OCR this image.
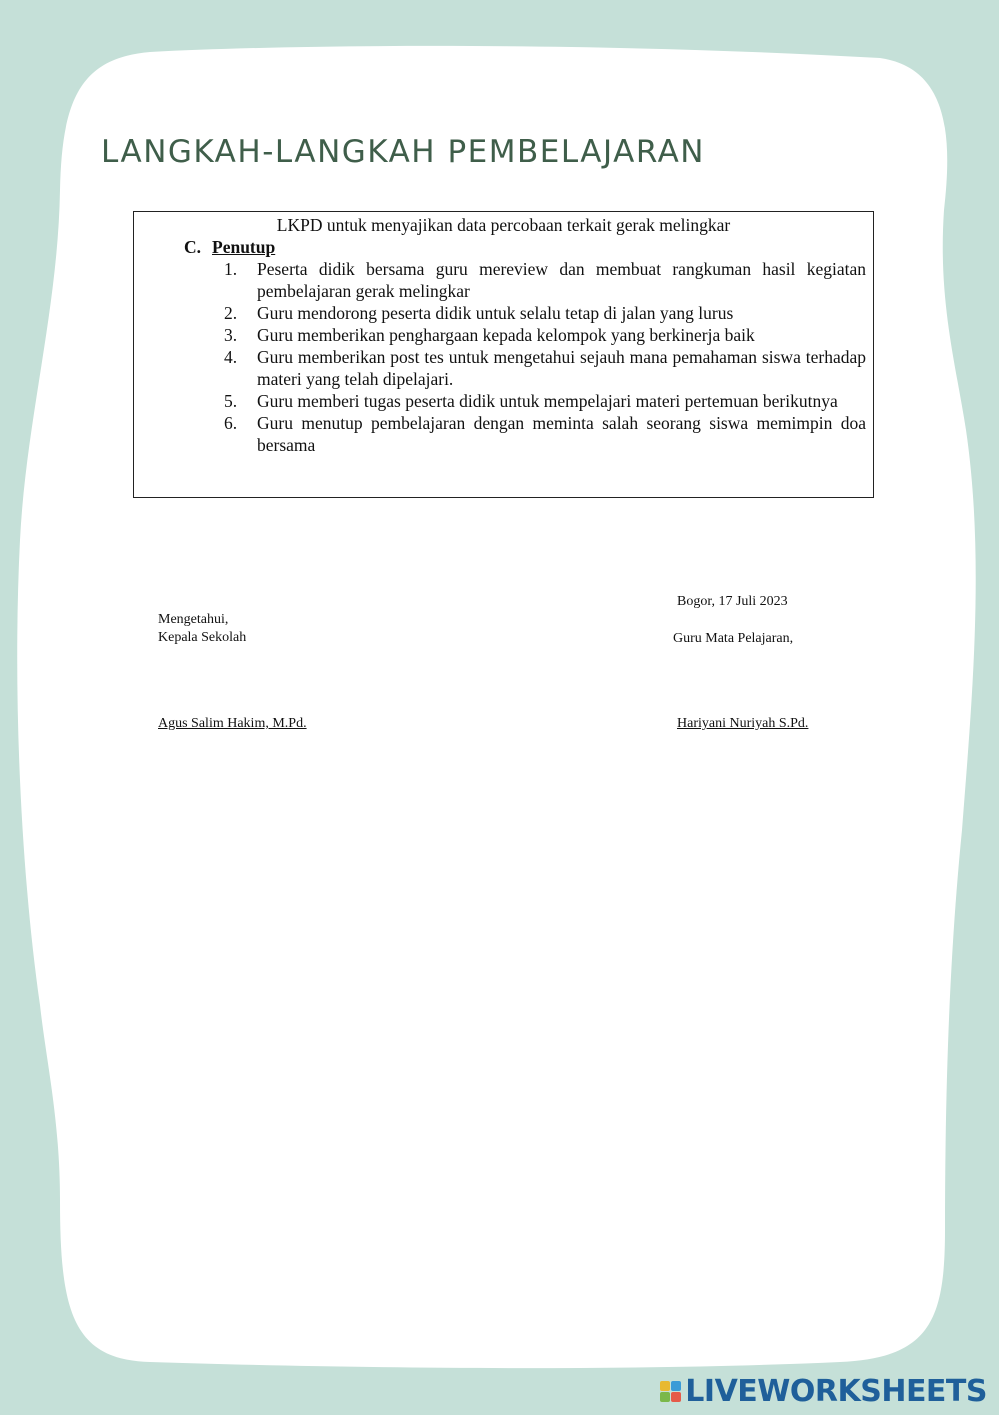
LANGKAH-LANGKAH PEMBELAJARAN
LKPD untuk menyajikan data percobaan terkait gerak melingkar
C. Penutup
1. Peserta didik bersama guru mereview dan membuat rangkuman hasil kegiatan pembelajaran gerak melingkar
2. Guru mendorong peserta didik untuk selalu tetap di jalan yang lurus
3. Guru memberikan penghargaan kepada kelompok yang berkinerja baik
4. Guru memberikan post tes untuk mengetahui sejauh mana pemahaman siswa terhadap materi yang telah dipelajari.
5. Guru memberi tugas peserta didik untuk mempelajari materi pertemuan berikutnya
6. Guru menutup pembelajaran dengan meminta salah seorang siswa memimpin doa bersama
Bogor, 17 Juli 2023
Mengetahui,
Kepala Sekolah	Guru Mata Pelajaran,
Agus Salim Hakim, M.Pd.	Hariyani Nuriyah S.Pd.
LIVEWORKSHEETS
